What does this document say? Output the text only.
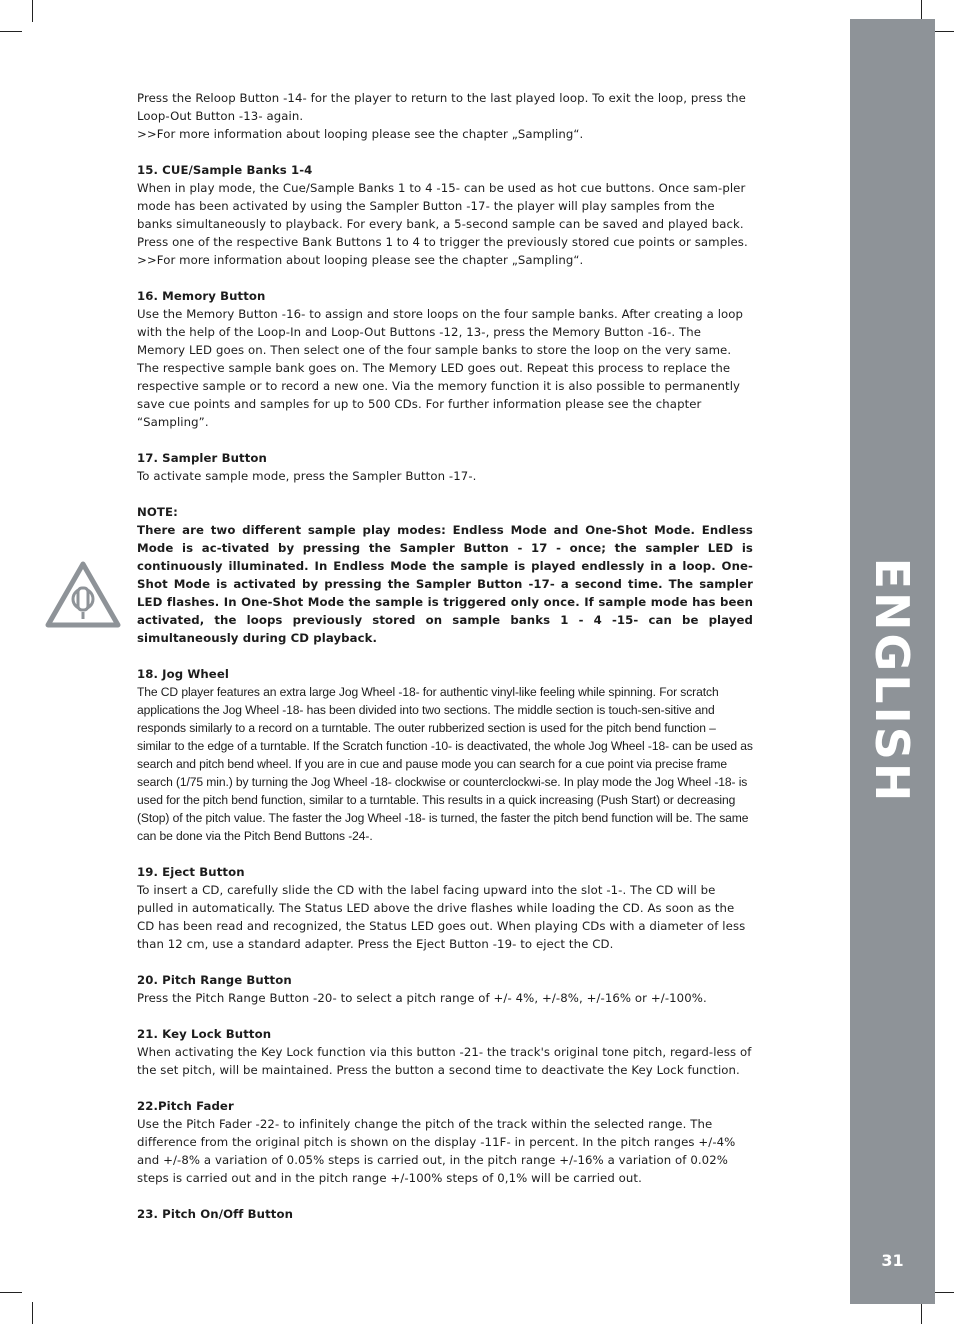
ENGLISH
31

Press the Reloop Button -14- for the player to return to the last played loop. To exit the loop, press the Loop-Out Button -13- again.

>>For more information about looping please see the chapter „Sampling“.

15. CUE/Sample Banks 1-4

When in play mode, the Cue/Sample Banks 1 to 4 -15- can be used as hot cue buttons. Once sam-pler mode has been activated by using the Sampler Button -17- the player will play samples from the banks simultaneously to playback. For every bank, a 5-second sample can be saved and played back. Press one of the respective Bank Buttons 1 to 4 to trigger the previously stored cue points or samples.

>>For more information about looping please see the chapter „Sampling“.

16. Memory Button

Use the Memory Button -16- to assign and store loops on the four sample banks. After creating a loop with the help of the Loop-In and Loop-Out Buttons -12, 13-, press the Memory Button -16-. The Memory LED goes on. Then select one of the four sample banks to store the loop on the very same. The respective sample bank goes on. The Memory LED goes out. Repeat this process to replace the respective sample or to record a new one. Via the memory function it is also possible to permanently save cue points and samples for up to 500 CDs. For further information please see the chapter “Sampling”.

17. Sampler Button

To activate sample mode, press the Sampler Button -17-.

NOTE:

There are two different sample play modes: Endless Mode and One-Shot Mode. Endless Mode is ac-tivated by pressing the Sampler Button - 17 - once; the sampler LED is continuously illuminated. In Endless Mode the sample is played endlessly in a loop. One-Shot Mode is activated by pressing the Sampler Button -17- a second time. The sampler LED flashes. In One-Shot Mode the sample is triggered only once. If sample mode has been activated, the loops previously stored on sample banks 1 - 4 -15- can be played simultaneously during CD playback.

18. Jog Wheel

The CD player features an extra large Jog Wheel -18- for authentic vinyl-like feeling while spinning. For scratch applications the Jog Wheel -18- has been divided into two sections. The middle section is touch-sen-sitive and responds similarly to a record on a turntable. The outer rubberized section is used for the pitch bend function – similar to the edge of a turntable. If the Scratch function -10- is deactivated, the whole Jog Wheel -18- can be used as search and pitch bend wheel. If you are in cue and pause mode you can search for a cue point via precise frame search (1/75 min.) by turning the Jog Wheel -18- clockwise or counterclockwi-se. In play mode the Jog Wheel -18- is used for the pitch bend function, similar to a turntable. This results in a quick increasing (Push Start) or decreasing (Stop) of the pitch value. The faster the Jog Wheel -18- is turned, the faster the pitch bend function will be. The same can be done via the Pitch Bend Buttons -24-.

19. Eject Button

To insert a CD, carefully slide the CD with the label facing upward into the slot -1-. The CD will be pulled in automatically. The Status LED above the drive flashes while loading the CD. As soon as the CD has been read and recognized, the Status LED goes out. When playing CDs with a diameter of less than 12 cm, use a standard adapter. Press the Eject Button -19- to eject the CD.

20. Pitch Range Button

Press the Pitch Range Button -20- to select a pitch range of +/- 4%, +/-8%, +/-16% or +/-100%.

21. Key Lock Button

When activating the Key Lock function via this button -21- the track's original tone pitch, regard-less of the set pitch, will be maintained. Press the button a second time to deactivate the Key Lock function.

22.Pitch Fader

Use the Pitch Fader -22- to infinitely change the pitch of the track within the selected range. The difference from the original pitch is shown on the display -11F- in percent. In the pitch ranges +/-4% and +/-8% a variation of 0.05% steps is carried out, in the pitch range +/-16% a variation of 0.02% steps is carried out and in the pitch range +/-100% steps of 0,1% will be carried out.

23. Pitch On/Off Button
